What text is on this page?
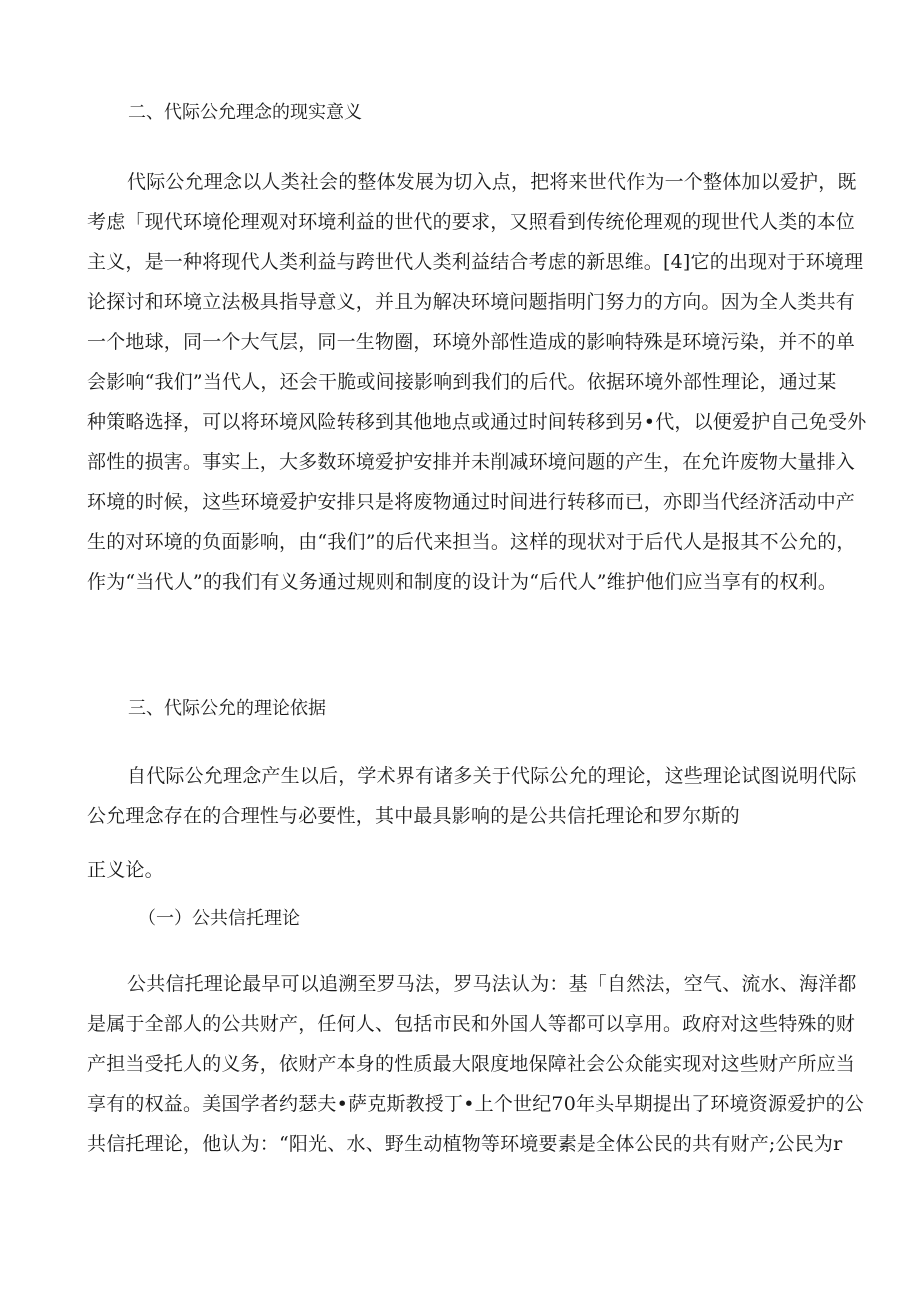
二、代际公允理念的现实意义
代际公允理念以人类社会的整体发展为切入点，把将来世代作为一个整体加以爱护，既
考虑「现代环境伦理观对环境利益的世代的要求，又照看到传统伦理观的现世代人类的本位
主义，是一种将现代人类利益与跨世代人类利益结合考虑的新思维。[4]它的出现对于环境理
论探讨和环境立法极具指导意义，并且为解决环境问题指明门努力的方向。因为全人类共有
一个地球，同一个大气层，同一生物圈，环境外部性造成的影响特殊是环境污染，并不的单
会影响“我们”当代人，还会干脆或间接影响到我们的后代。依据环境外部性理论，通过某
种策略选择，可以将环境风险转移到其他地点或通过时间转移到另•代，以便爱护自己免受外
部性的损害。事实上，大多数环境爱护安排并未削减环境问题的产生，在允许废物大量排入
环境的时候，这些环境爱护安排只是将废物通过时间进行转移而已，亦即当代经济活动中产
生的对环境的负面影响，由“我们”的后代来担当。这样的现状对于后代人是报其不公允的，
作为“当代人”的我们有义务通过规则和制度的设计为“后代人”维护他们应当享有的权利。
三、代际公允的理论依据
自代际公允理念产生以后，学术界有诸多关于代际公允的理论，这些理论试图说明代际
公允理念存在的合理性与必要性，其中最具影响的是公共信托理论和罗尔斯的
正义论。
（一）公共信托理论
公共信托理论最早可以追溯至罗马法，罗马法认为：基「自然法，空气、流水、海洋都
是属于全部人的公共财产，任何人、包括市民和外国人等都可以享用。政府对这些特殊的财
产担当受托人的义务，依财产本身的性质最大限度地保障社会公众能实现对这些财产所应当
享有的权益。美国学者约瑟夫•萨克斯教授丁•上个世纪70年头早期提出了环境资源爱护的公
共信托理论，他认为：“阳光、水、野生动植物等环境要素是全体公民的共有财产;公民为r
